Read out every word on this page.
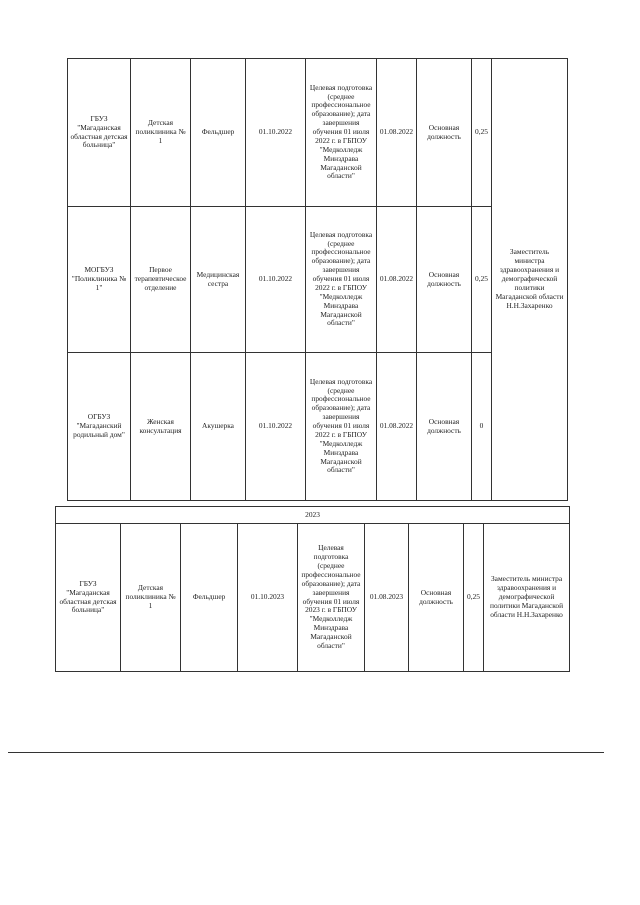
ГБУЗ "Магаданская областная детская больница"	Детская поликлиника № 1	Фельдшер	01.10.2022	Целевая подготовка (среднее профессиональное образование); дата завершения обучения 01 июля 2022 г. в ГБПОУ "Медколледж Минздрава Магаданской области"	01.08.2022	Основная должность	0,25	Заместитель министра здравоохранения и демографической политики Магаданской области Н.Н.Захаренко
МОГБУЗ "Поликлиника № 1"	Первое терапевтическое отделение	Медицинская сестра	01.10.2022	Целевая подготовка (среднее профессиональное образование); дата завершения обучения 01 июля 2022 г. в ГБПОУ "Медколледж Минздрава Магаданской области"	01.08.2022	Основная должность	0,25	
ОГБУЗ "Магаданский родильный дом"	Женская консультация	Акушерка	01.10.2022	Целевая подготовка (среднее профессиональное образование); дата завершения обучения 01 июля 2022 г. в ГБПОУ "Медколледж Минздрава Магаданской области"	01.08.2022	Основная должность	0	
2023
ГБУЗ "Магаданская областная детская больница"	Детская поликлиника № 1	Фельдшер	01.10.2023	Целевая подготовка (среднее профессиональное образование); дата завершения обучения 01 июля 2023 г. в ГБПОУ "Медколледж Минздрава Магаданской области"	01.08.2023	Основная должность	0,25	Заместитель министра здравоохранения и демографической политики Магаданской области Н.Н.Захаренко
